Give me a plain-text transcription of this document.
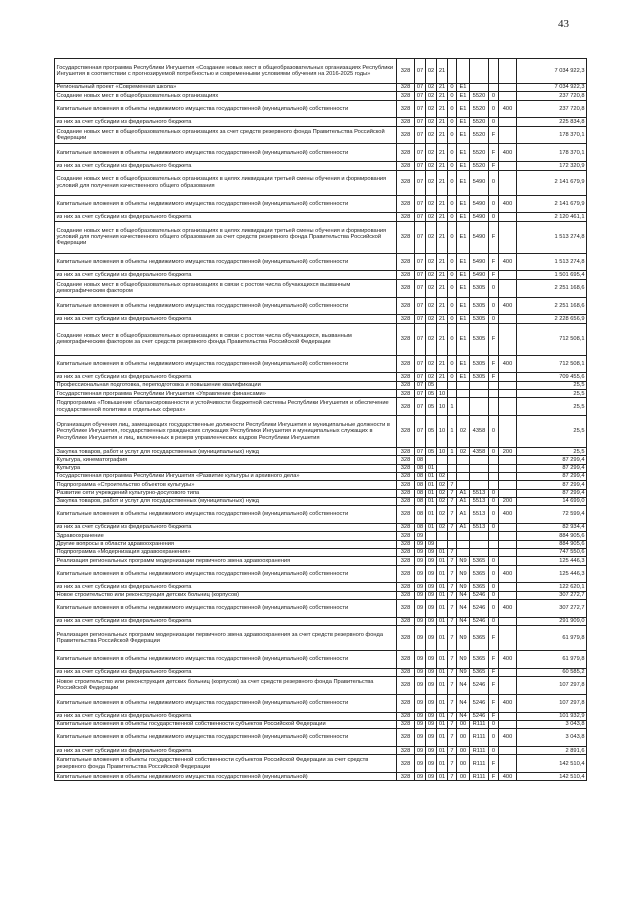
43
Государственная программа Республики Ингушетия «Создание новых мест в общеобразовательных организациях Республики Ингушетия в соответствии с прогнозируемой потребностью и современными условиями обучения на 2016-2025 годы»	328	07	02	21						7 034 922,3
Региональный проект «Современная школа»	328	07	02	21	0	Е1				7 034 922,3
Создание новых мест в общеобразовательных организациях	328	07	02	21	0	Е1	5520	0		237 720,8
Капитальные вложения в объекты недвижимого имущества государственной (муниципальной) собственности	328	07	02	21	0	Е1	5520	0	400	237 720,8
из них за счет субсидии из федерального бюджета	328	07	02	21	0	Е1	5520	0		225 834,8
Создание новых мест в общеобразовательных организациях за счет средств резервного фонда Правительства Российской Федерации	328	07	02	21	0	Е1	5520	F		178 370,1
Капитальные вложения в объекты недвижимого имущества государственной (муниципальной) собственности	328	07	02	21	0	Е1	5520	F	400	178 370,1
из них за счет субсидии из федерального бюджета	328	07	02	21	0	Е1	5520	F		172 320,9
Создание новых мест в общеобразовательных организациях в целях ликвидации третьей смены обучения и формирования условий для получения качественного общего образования	328	07	02	21	0	Е1	5490	0		2 141 679,9
Капитальные вложения в объекты недвижимого имущества государственной (муниципальной) собственности	328	07	02	21	0	Е1	5490	0	400	2 141 679,9
из них за счет субсидии из федерального бюджета	328	07	02	21	0	Е1	5490	0		2 120 461,1
Создание новых мест в общеобразовательных организациях в целях ликвидации третьей смены обучения и формирования условий для получения качественного общего образования за счет средств резервного фонда Правительства Российской Федерации	328	07	02	21	0	Е1	5490	F		1 513 274,8
Капитальные вложения в объекты недвижимого имущества государственной (муниципальной) собственности	328	07	02	21	0	Е1	5490	F	400	1 513 274,8
из них за счет субсидии из федерального бюджета	328	07	02	21	0	Е1	5490	F		1 501 695,4
Создание новых мест в общеобразовательных организациях в связи с ростом числа обучающихся вызванным демографическим фактором	328	07	02	21	0	Е1	5305	0		2 251 168,6
Капитальные вложения в объекты недвижимого имущества государственной (муниципальной) собственности	328	07	02	21	0	Е1	5305	0	400	2 251 168,6
из них за счет субсидии из федерального бюджета	328	07	02	21	0	Е1	5305	0		2 228 656,9
Создание новых мест в общеобразовательных организациях в связи с ростом числа обучающихся, вызванным демографическим фактором за счет средств резервного фонда Правительства Российской Федерации	328	07	02	21	0	Е1	5305	F		712 508,1
Капитальные вложения в объекты недвижимого имущества государственной (муниципальной) собственности	328	07	02	21	0	Е1	5305	F	400	712 508,1
из них за счет субсидии из федерального бюджета	328	07	02	21	0	Е1	5305	F		709 455,6
Профессиональная подготовка, переподготовка и повышение квалификации	328	07	05							25,5
Государственная программа Республики Ингушетия «Управление финансами»	328	07	05	10						25,5
Подпрограмма «Повышение сбалансированности и устойчивости бюджетной системы Республики Ингушетия и обеспечение государственной политики в отдельных сферах»	328	07	05	10	1					25,5
Организация обучения лиц, замещающих государственные должности Республики Ингушетия и муниципальные должности в Республике Ингушетия, государственных гражданских служащих Республики Ингушетия и муниципальных служащих в Республике Ингушетия и лиц, включенных в резерв управленческих кадров Республики Ингушетия	328	07	05	10	1	02	4358	0		25,5
Закупка товаров, работ и услуг для государственных (муниципальных) нужд	328	07	05	10	1	02	4358	0	200	25,5
Культура, кинематография	328	08								87 299,4
Культура	328	08	01							87 299,4
Государственная программа Республики Ингушетия «Развитие культуры и архивного дела»	328	08	01	02						87 299,4
Подпрограмма «Строительство объектов культуры»	328	08	01	02	7					87 299,4
Развитие сети учреждений культурно-досугового типа	328	08	01	02	7	А1	5513	0		87 299,4
Закупка товаров, работ и услуг для государственных (муниципальных) нужд	328	08	01	02	7	А1	5513	0	200	14 699,0
Капитальные вложения в объекты недвижимого имущества государственной (муниципальной) собственности	328	08	01	02	7	А1	5513	0	400	72 599,4
из них за счет субсидии из федерального бюджета	328	08	01	02	7	А1	5513	0		82 934,4
Здравоохранение	328	09								884 905,6
Другие вопросы в области здравоохранения	328	09	09							884 905,6
Подпрограмма «Модернизация здравоохранения»	328	09	09	01	7					747 550,6
Реализация региональных программ модернизации первичного звена здравоохранения	328	09	09	01	7	N9	5365	0		125 446,3
Капитальные вложения в объекты недвижимого имущества государственной (муниципальной) собственности	328	09	09	01	7	N9	5365	0	400	125 446,3
из них за счет субсидии из федерального бюджета	328	09	09	01	7	N9	5365	0		122 620,1
Новое строительство или реконструкция детских больниц (корпусов)	328	09	09	01	7	N4	5246	0		307 272,7
Капитальные вложения в объекты недвижимого имущества государственной (муниципальной) собственности	328	09	09	01	7	N4	5246	0	400	307 272,7
из них за счет субсидии из федерального бюджета	328	09	09	01	7	N4	5246	0		291 909,0
Реализация региональных программ модернизации первичного звена здравоохранения за счет средств резервного фонда Правительства Российской Федерации	328	09	09	01	7	N9	5365	F		61 979,8
Капитальные вложения в объекты недвижимого имущества государственной (муниципальной) собственности	328	09	09	01	7	N9	5365	F	400	61 979,8
из них за счет субсидии из федерального бюджета	328	09	09	01	7	N9	5365	F		60 585,2
Новое строительство или реконструкция детских больниц (корпусов) за счет средств резервного фонда Правительства Российской Федерации	328	09	09	01	7	N4	5246	F		107 297,8
Капитальные вложения в объекты недвижимого имущества государственной (муниципальной) собственности	328	09	09	01	7	N4	5246	F	400	107 297,8
из них за счет субсидии из федерального бюджета	328	09	09	01	7	N4	5246	F		101 932,9
Капитальные вложения в объекты государственной собственности субъектов Российской Федерации	328	09	09	01	7	00	R111	0		3 043,8
Капитальные вложения в объекты недвижимого имущества государственной (муниципальной) собственности	328	09	09	01	7	00	R111	0	400	3 043,8
из них за счет субсидии из федерального бюджета	328	09	09	01	7	00	R111	0		2 891,6
Капитальные вложения в объекты государственной собственности субъектов Российской Федерации за счет средств резервного фонда Правительства Российской Федерации	328	09	09	01	7	00	R111	F		142 510,4
Капитальные вложения в объекты недвижимого имущества государственной (муниципальной)	328	09	09	01	7	00	R111	F	400	142 510,4
